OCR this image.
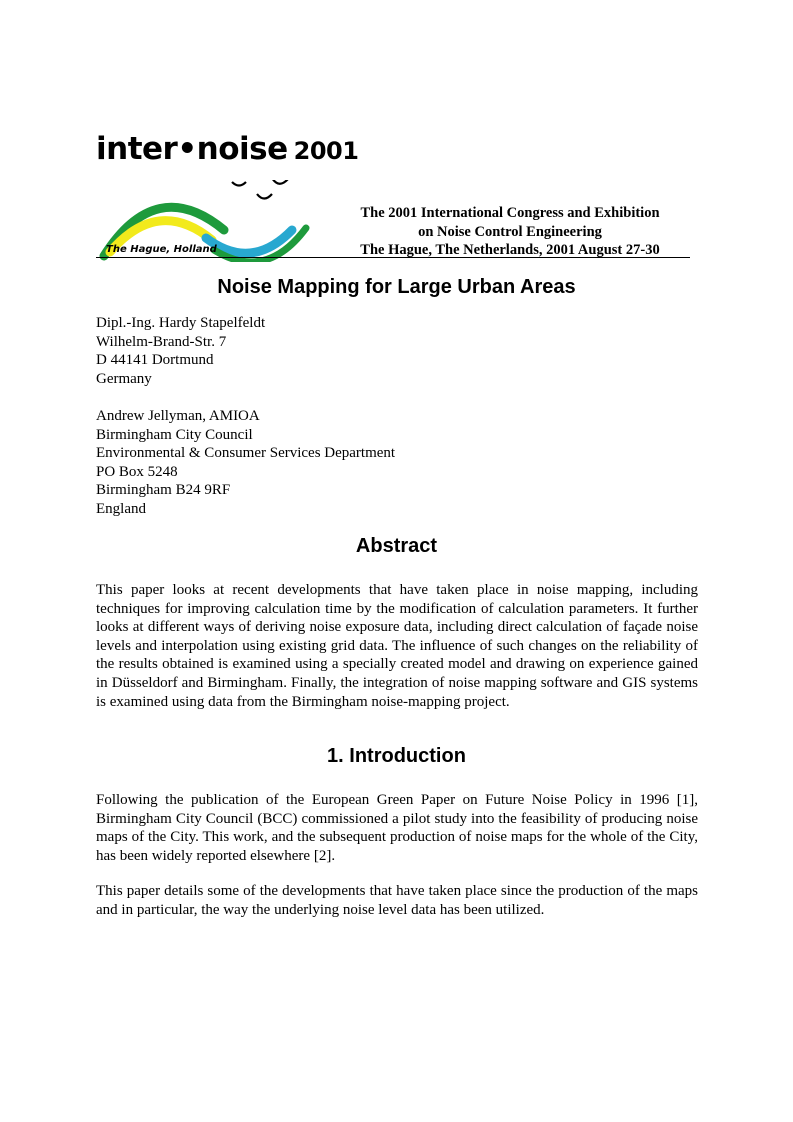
inter•noise 2001
The Hague, Holland
The 2001 International Congress and Exhibition
on Noise Control Engineering
The Hague, The Netherlands, 2001 August 27-30
Noise Mapping for Large Urban Areas
Dipl.-Ing. Hardy Stapelfeldt
Wilhelm-Brand-Str. 7
D 44141 Dortmund
Germany
Andrew Jellyman, AMIOA
Birmingham City Council
Environmental & Consumer Services Department
PO Box 5248
Birmingham B24 9RF
England
Abstract

This paper looks at recent developments that have taken place in noise mapping, including techniques for improving calculation time by the modification of calculation parameters. It further looks at different ways of deriving noise exposure data, including direct calculation of façade noise levels and interpolation using existing grid data. The influence of such changes on the reliability of the results obtained is examined using a specially created model and drawing on experience gained in Düsseldorf and Birmingham. Finally, the integration of noise mapping software and GIS systems is examined using data from the Birmingham noise-mapping project.

1. Introduction

Following the publication of the European Green Paper on Future Noise Policy in 1996 [1], Birmingham City Council (BCC) commissioned a pilot study into the feasibility of producing noise maps of the City. This work, and the subsequent production of noise maps for the whole of the City, has been widely reported elsewhere [2].

This paper details some of the developments that have taken place since the production of the maps and in particular, the way the underlying noise level data has been utilized.
